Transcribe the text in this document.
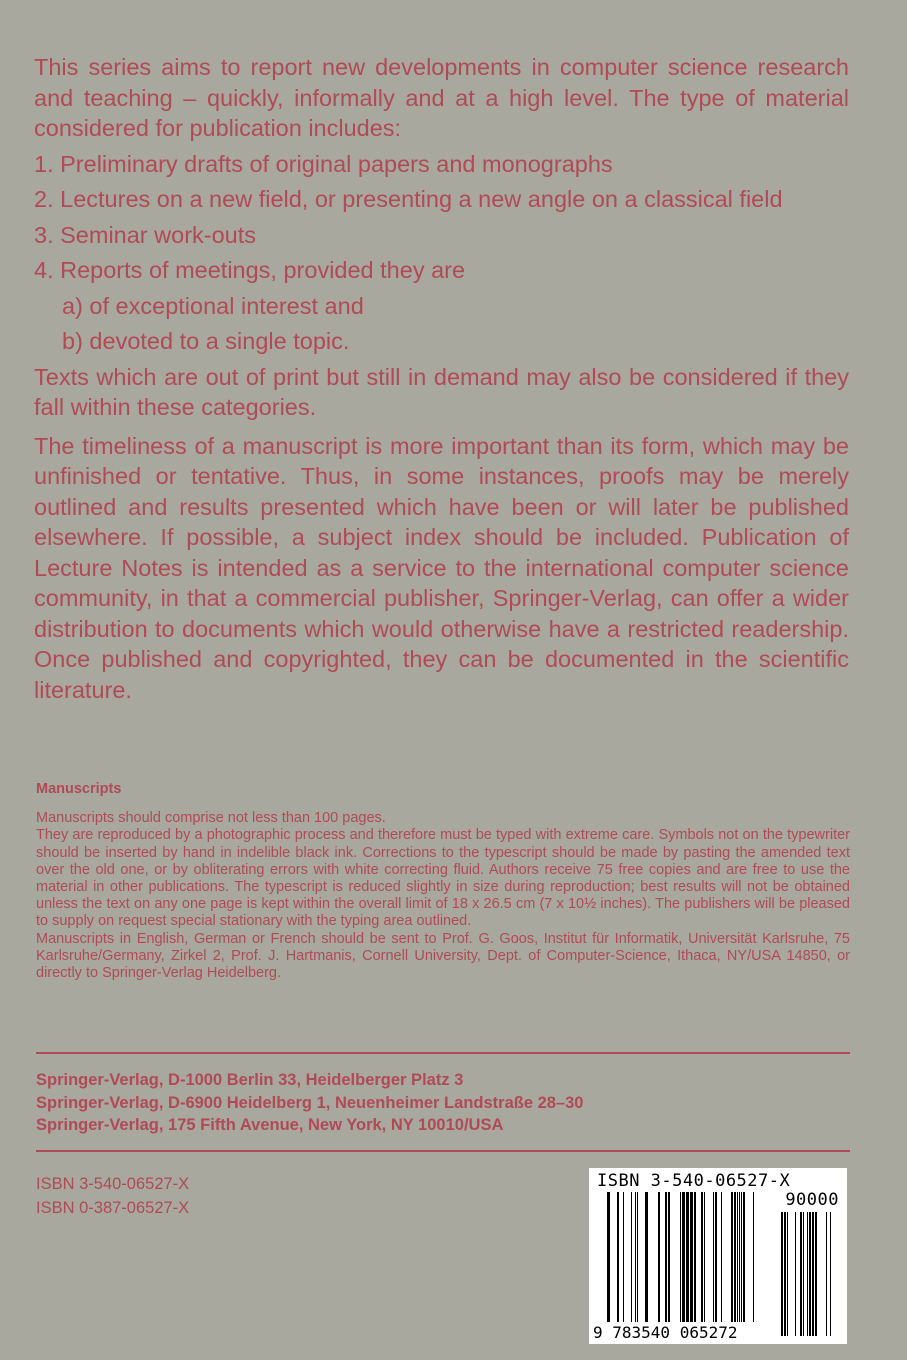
This series aims to report new developments in computer science research and teaching – quickly, informally and at a high level. The type of material considered for publication includes:

1. Preliminary drafts of original papers and monographs

2. Lectures on a new field, or presenting a new angle on a classical field

3. Seminar work-outs

4. Reports of meetings, provided they are

a) of exceptional interest and

b) devoted to a single topic.

Texts which are out of print but still in demand may also be considered if they fall within these categories.

The timeliness of a manuscript is more important than its form, which may be unfinished or tentative. Thus, in some instances, proofs may be merely outlined and results presented which have been or will later be published elsewhere. If possible, a subject index should be included. Publication of Lecture Notes is intended as a service to the international computer science community, in that a commercial publisher, Springer-Verlag, can offer a wider distribution to documents which would otherwise have a restricted readership. Once published and copyrighted, they can be documented in the scientific literature.

Manuscripts

Manuscripts should comprise not less than 100 pages.

They are reproduced by a photographic process and therefore must be typed with extreme care. Symbols not on the typewriter should be inserted by hand in indelible black ink. Corrections to the typescript should be made by pasting the amended text over the old one, or by obliterating errors with white correcting fluid. Authors receive 75 free copies and are free to use the material in other publications. The typescript is reduced slightly in size during reproduction; best results will not be obtained unless the text on any one page is kept within the overall limit of 18 x 26.5 cm (7 x 10½ inches). The publishers will be pleased to supply on request special stationary with the typing area outlined.

Manuscripts in English, German or French should be sent to Prof. G. Goos, Institut für Informatik, Universität Karlsruhe, 75 Karlsruhe/Germany, Zirkel 2, Prof. J. Hartmanis, Cornell University, Dept. of Computer-Science, Ithaca, NY/USA 14850, or directly to Springer-Verlag Heidelberg.

Springer-Verlag, D-1000 Berlin 33, Heidelberger Platz 3
Springer-Verlag, D-6900 Heidelberg 1, Neuenheimer Landstraße 28–30
Springer-Verlag, 175 Fifth Avenue, New York, NY 10010/USA
ISBN 3-540-06527-X
ISBN 0-387-06527-X
ISBN 3-540-06527-X
90000
9 783540 065272
